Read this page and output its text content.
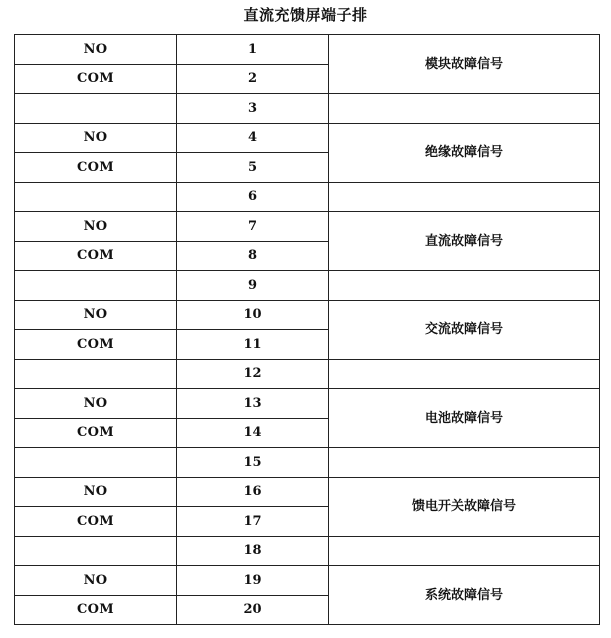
直流充馈屏端子排
NO	1	模块故障信号
COM	2	
	3	
NO	4	绝缘故障信号
COM	5	
	6	
NO	7	直流故障信号
COM	8	
	9	
NO	10	交流故障信号
COM	11	
	12	
NO	13	电池故障信号
COM	14	
	15	
NO	16	馈电开关故障信号
COM	17	
	18	
NO	19	系统故障信号
COM	20	
